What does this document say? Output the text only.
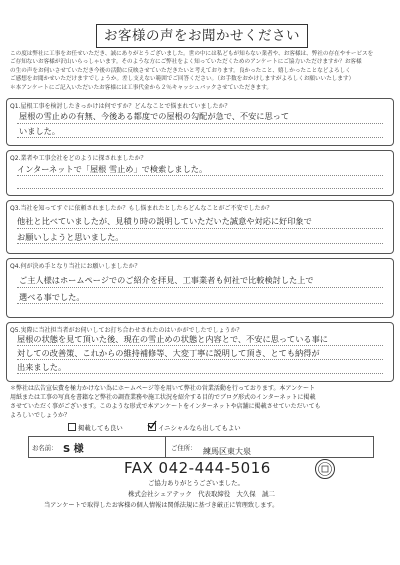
お客様の声をお聞かせください
この度は弊社に工事をお任せいただき、誠にありがとうございました。世の中には私どもが知らない業者や、お客様は、弊社の存在やサービスを
ご存知ないお客様が沢山いらっしゃいます。そのような方にご弊社をよく知っていただくためのアンケートにご協力いただけますか？お客様
の生の声をお伺いさせていただき今後の活動に反映させていただきたいと考えております。良かったこと、嬉しかったことなどよろしく
ご感想をお聞かせいただけますでしょうか。差し支えない範囲でご回答ください。（お手数をおかけしますがよろしくお願いいたします）
＊本アンケートにご記入いただいたお客様には工事代金から２％キャッシュバックさせていただきます。
Q1.屋根工事を検討したきっかけは何ですか？どんなことで悩まれていましたか？
屋根の雪止めの有無、今後ある都度での屋根の勾配が急で、不安に思って
いました。
Q2.業者や工事会社をどのように探されましたか？
インターネットで「屋根 雪止め」で検索しました。
Q3.当社を知ってすぐに依頼されましたか？もし悩まれたとしたらどんなことがご不安でしたか？
他社と比べていましたが、見積り時の説明していただいた誠意や対応に好印象で
お願いしようと思いました。
Q4.何が決め手となり当社にお願いしましたか？
ご主人様はホームページでのご紹介を拝見、工事業者も何社で比較検討した上で
選べる事でした。
Q5.実際に当社担当者がお伺いしてお打ち合わせされたのはいかがでしたでしょうか？
屋根の状態を見て頂いた後、現在の雪止めの状態と内容とで、不安に思っている事に
対しての改善策、これからの維持補修等、大変丁寧に説明して頂き、とても納得が
出来ました。
＊弊社は広告宣伝費を極力かけない為にホームページ等を用いて弊社の営業活動を行っております。本アンケート
用紙または工事の写真を書籍など弊社の調査業務や施工状況を紹介する目的でブログ形式のインターネットに掲載
させていただく事がございます。このような形式で本アンケートをインターネットや店舗に掲載させていただいても
よろしいでしょうか？
掲載しても良い	イニシャルなら出してもよい
お名前： S 様	ご住所： 練馬区東大泉
FAX 042-444-5016
ご協力ありがとうございました。
株式会社シェアテック　代表取締役　大久保　誠二
当アンケートで取得したお客様の個人情報は関係法規に基づき厳正に管理致します。
